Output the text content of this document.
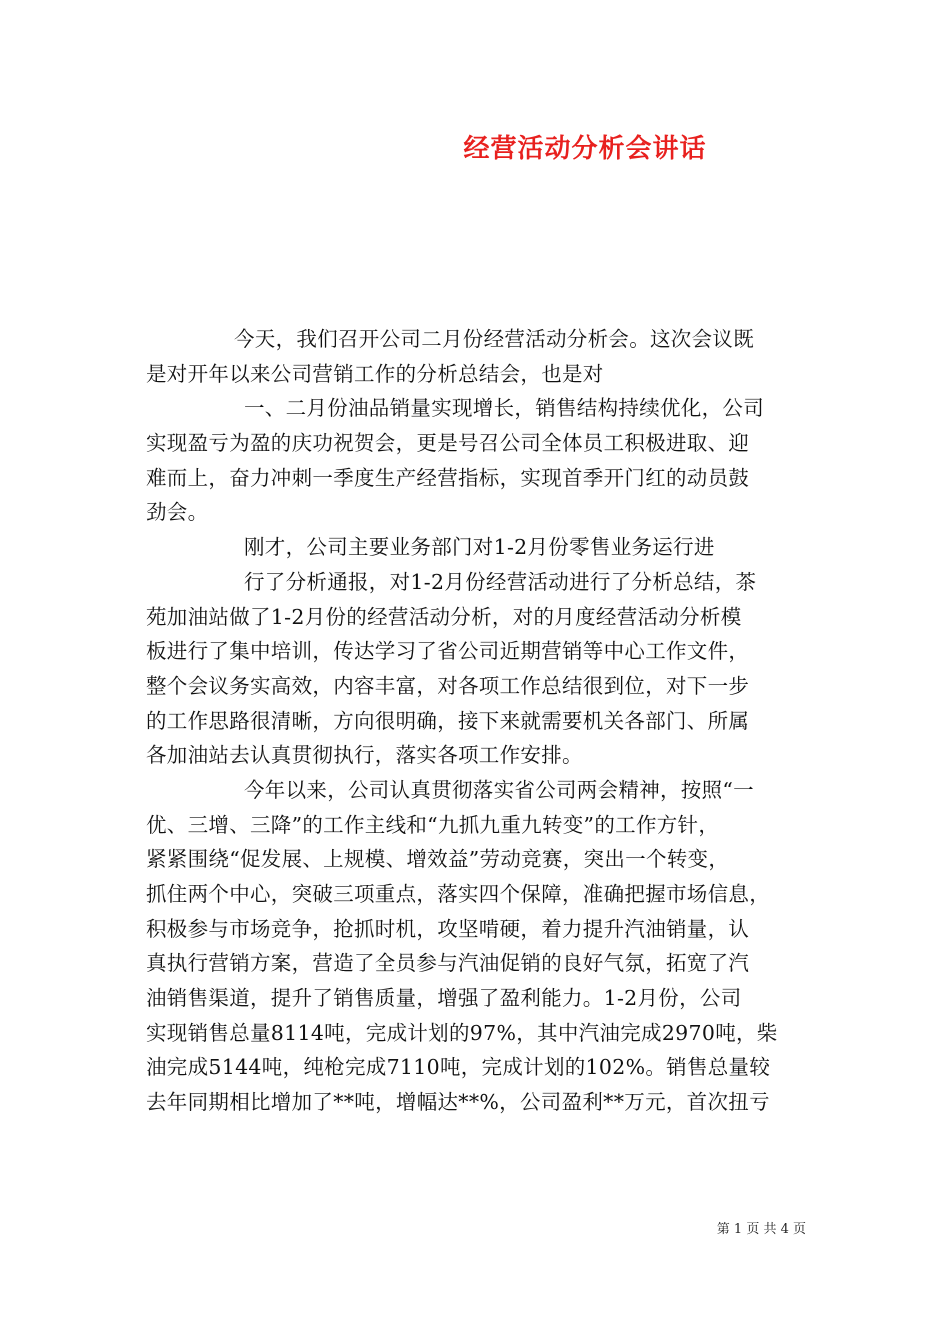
经营活动分析会讲话
今天，我们召开公司二月份经营活动分析会。这次会议既
是对开年以来公司营销工作的分析总结会，也是对
一、二月份油品销量实现增长，销售结构持续优化，公司
实现盈亏为盈的庆功祝贺会，更是号召公司全体员工积极进取、迎
难而上，奋力冲刺一季度生产经营指标，实现首季开门红的动员鼓
劲会。
刚才，公司主要业务部门对1-2月份零售业务运行进
行了分析通报，对1-2月份经营活动进行了分析总结，茶
苑加油站做了1-2月份的经营活动分析，对的月度经营活动分析模
板进行了集中培训，传达学习了省公司近期营销等中心工作文件，
整个会议务实高效，内容丰富，对各项工作总结很到位，对下一步
的工作思路很清晰，方向很明确，接下来就需要机关各部门、所属
各加油站去认真贯彻执行，落实各项工作安排。
今年以来，公司认真贯彻落实省公司两会精神，按照“一
优、三增、三降”的工作主线和“九抓九重九转变”的工作方针，
紧紧围绕“促发展、上规模、增效益”劳动竞赛，突出一个转变，
抓住两个中心，突破三项重点，落实四个保障，准确把握市场信息，
积极参与市场竞争，抢抓时机，攻坚啃硬，着力提升汽油销量，认
真执行营销方案，营造了全员参与汽油促销的良好气氛，拓宽了汽
油销售渠道，提升了销售质量，增强了盈利能力。1-2月份，公司
实现销售总量8114吨，完成计划的97%，其中汽油完成2970吨，柴
油完成5144吨，纯枪完成7110吨，完成计划的102%。销售总量较
去年同期相比增加了**吨，增幅达**%，公司盈利**万元，首次扭亏
第 1 页 共 4 页
